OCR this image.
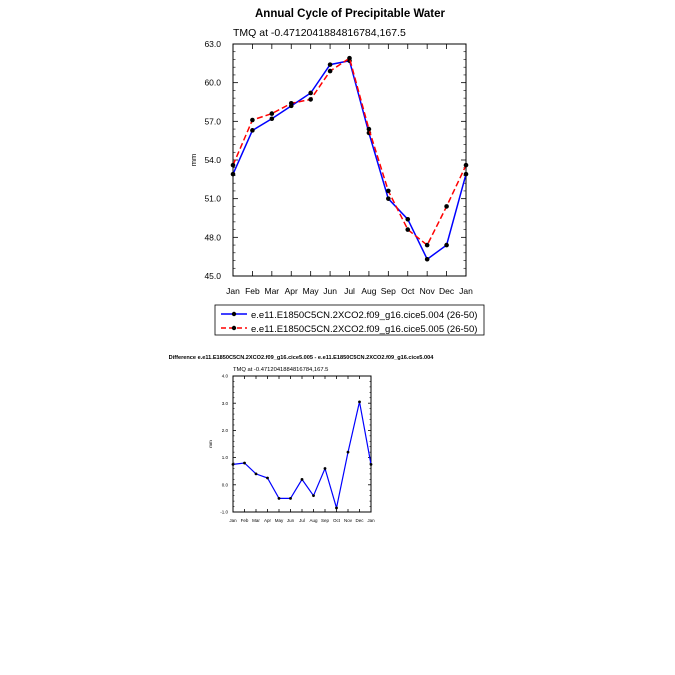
Annual Cycle of Precipitable Water
TMQ at -0.4712041884816784,167.5
45.0
48.0
51.0
54.0
57.0
60.0
63.0
Jan Feb Mar Apr May Jun Jul Aug Sep Oct Nov Dec Jan
mm
e.e11.E1850C5CN.2XCO2.f09_g16.cice5.004 (26-50)
e.e11.E1850C5CN.2XCO2.f09_g16.cice5.005 (26-50)
Difference e.e11.E1850C5CN.2XCO2.f09_g16.cice5.005 - e.e11.E1850C5CN.2XCO2.f09_g16.cice5.004
TMQ at -0.4712041884816784,167.5
-1.0
0.0
1.0
2.0
3.0
4.0
Jan Feb Mar Apr May Jun Jul Aug Sep Oct Nov Dec Jan
mm
